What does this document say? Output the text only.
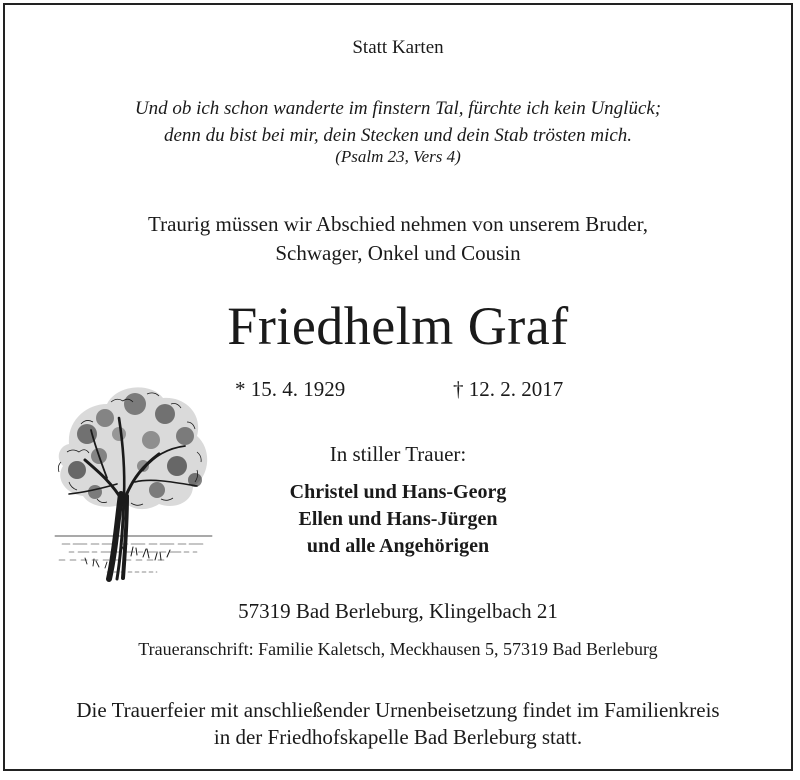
Statt Karten
Und ob ich schon wanderte im finstern Tal, fürchte ich kein Unglück;
denn du bist bei mir, dein Stecken und dein Stab trösten mich.
(Psalm 23, Vers 4)
Traurig müssen wir Abschied nehmen von unserem Bruder,
Schwager, Onkel und Cousin
Friedhelm Graf
* 15. 4. 1929	† 12. 2. 2017
In stiller Trauer:
Christel und Hans-Georg
Ellen und Hans-Jürgen
und alle Angehörigen
57319 Bad Berleburg, Klingelbach 21
Traueranschrift: Familie Kaletsch, Meckhausen 5, 57319 Bad Berleburg
Die Trauerfeier mit anschließender Urnenbeisetzung findet im Familienkreis
in der Friedhofskapelle Bad Berleburg statt.
